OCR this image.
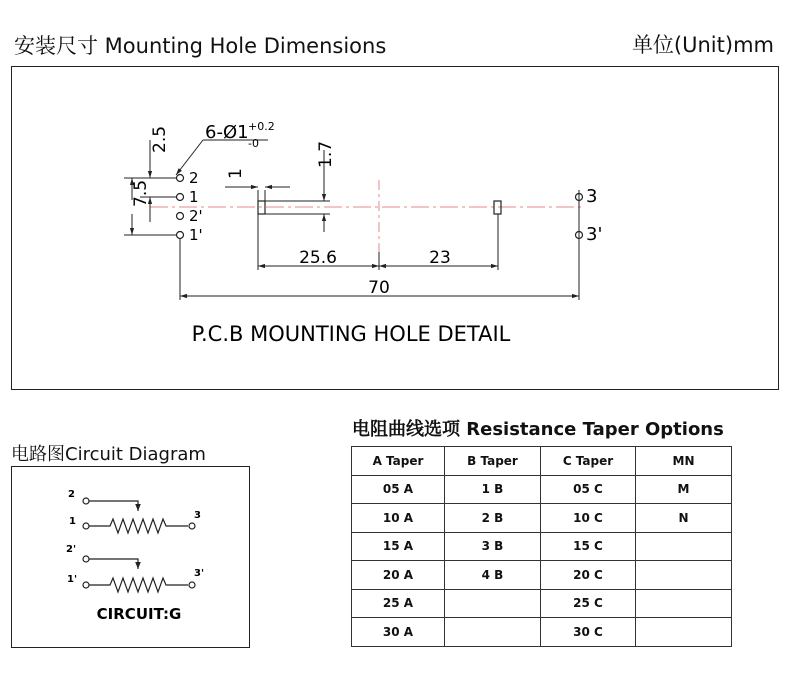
安装尺寸 Mounting Hole Dimensions	单位(Unit)mm
2
1
2'
1'
3
3'
1
1.7
2.5
7.5
6-Ø1 +0.2
-0
25.6	23
70
P.C.B MOUNTING HOLE DETAIL
电路图Circuit Diagram
2
1
3
2'
1'
3'
CIRCUIT:G
电阻曲线选项 Resistance Taper Options
A Taper	B Taper	C Taper	MN
05 A	1 B	05 C	M
10 A	2 B	10 C	N
15 A	3 B	15 C	
20 A	4 B	20 C	
25 A		25 C	
30 A		30 C	
